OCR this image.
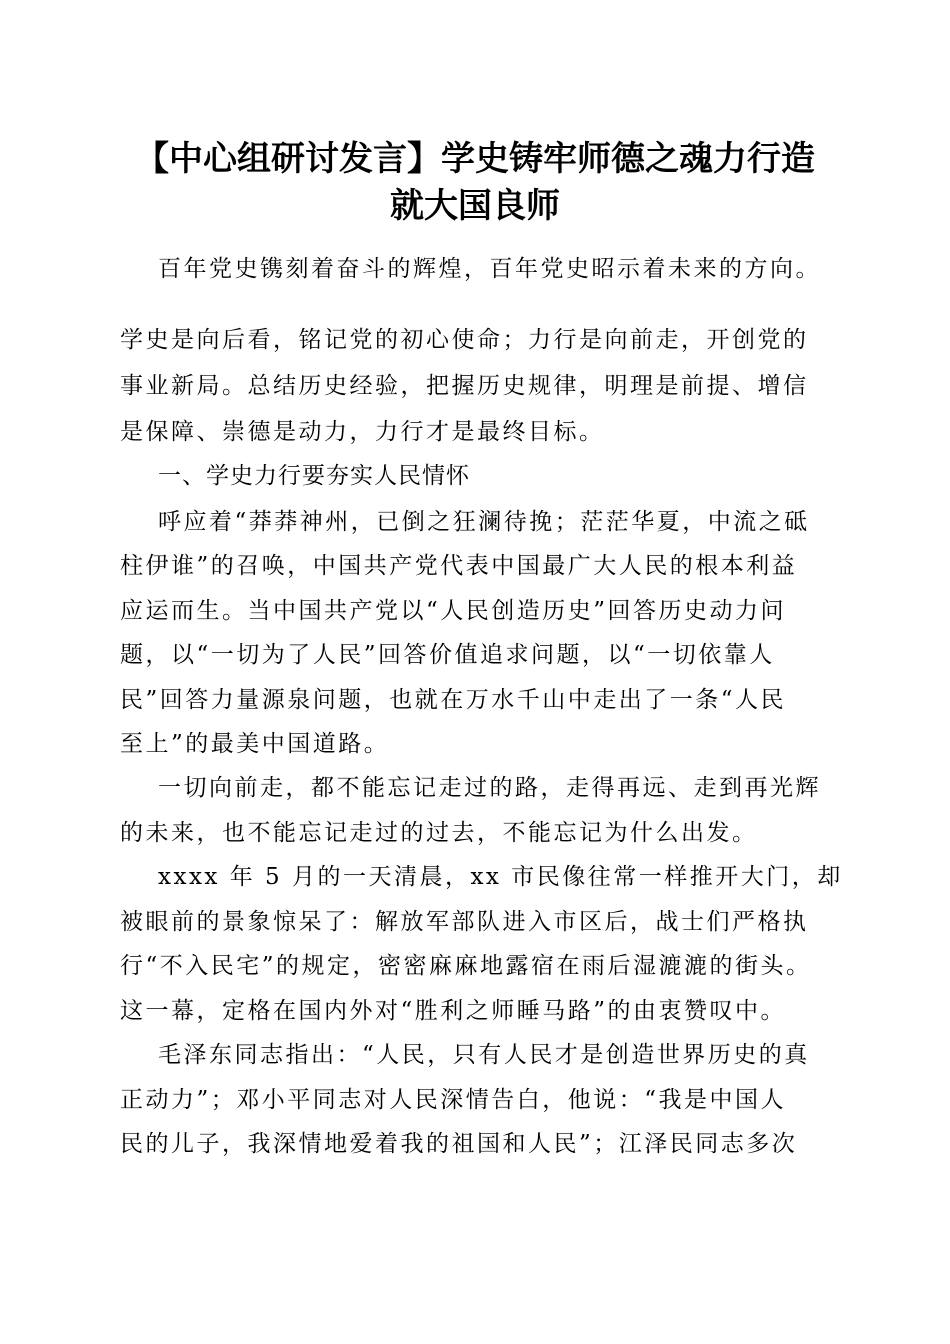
【中心组研讨发言】学史铸牢师德之魂力行造
就大国良师

百年党史镌刻着奋斗的辉煌，百年党史昭示着未来的方向。

学史是向后看，铭记党的初心使命；力行是向前走，开创党的

事业新局。总结历史经验，把握历史规律，明理是前提、增信

是保障、崇德是动力，力行才是最终目标。

一、学史力行要夯实人民情怀

呼应着“莽莽神州，已倒之狂澜待挽；茫茫华夏，中流之砥

柱伊谁”的召唤，中国共产党代表中国最广大人民的根本利益

应运而生。当中国共产党以“人民创造历史”回答历史动力问

题，以“一切为了人民”回答价值追求问题，以“一切依靠人

民”回答力量源泉问题，也就在万水千山中走出了一条“人民

至上”的最美中国道路。

一切向前走，都不能忘记走过的路，走得再远、走到再光辉

的未来，也不能忘记走过的过去，不能忘记为什么出发。

xxxx 年 5 月的一天清晨，xx 市民像往常一样推开大门，却

被眼前的景象惊呆了：解放军部队进入市区后，战士们严格执

行“不入民宅”的规定，密密麻麻地露宿在雨后湿漉漉的街头。

这一幕，定格在国内外对“胜利之师睡马路”的由衷赞叹中。

毛泽东同志指出：“人民，只有人民才是创造世界历史的真

正动力”；邓小平同志对人民深情告白，他说：“我是中国人

民的儿子，我深情地爱着我的祖国和人民”；江泽民同志多次
